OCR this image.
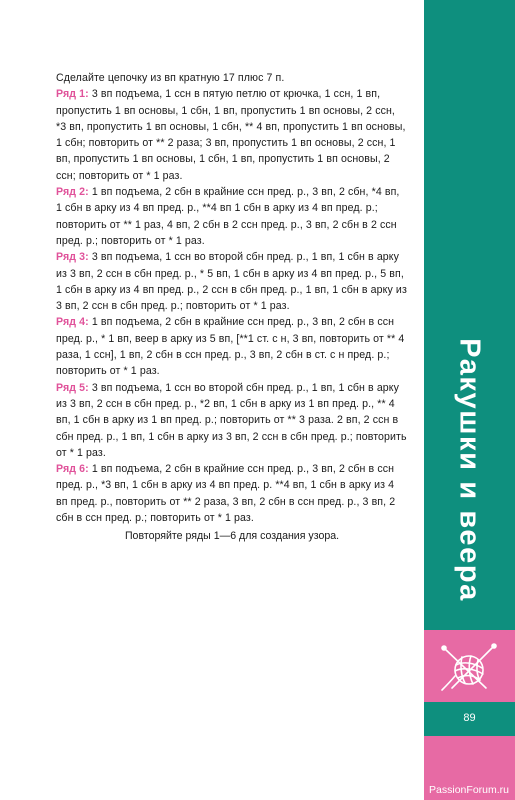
Сделайте цепочку из вп кратную 17 плюс 7 п.

Ряд 1: 3 вп подъема, 1 ссн в пятую петлю от крючка, 1 ссн, 1 вп, пропустить 1 вп основы, 1 сбн, 1 вп, пропустить 1 вп основы, 2 ссн, *3 вп, пропустить 1 вп основы, 1 сбн, ** 4 вп, пропустить 1 вп основы, 1 сбн; повторить от ** 2 раза; 3 вп, пропустить 1 вп основы, 2 ссн, 1 вп, пропустить 1 вп основы, 1 сбн, 1 вп, пропустить 1 вп основы, 2 ссн; повторить от * 1 раз.

Ряд 2: 1 вп подъема, 2 сбн в крайние ссн пред. р., 3 вп, 2 сбн, *4 вп, 1 сбн в арку из 4 вп пред. р., **4 вп 1 сбн в арку из 4 вп пред. р.; повторить от ** 1 раз, 4 вп, 2 сбн в 2 ссн пред. р., 3 вп, 2 сбн в 2 ссн пред. р.; повторить от * 1 раз.

Ряд 3: 3 вп подъема, 1 ссн во второй сбн пред. р., 1 вп, 1 сбн в арку из 3 вп, 2 ссн в сбн пред. р., * 5 вп, 1 сбн в арку из 4 вп пред. р., 5 вп, 1 сбн в арку из 4 вп пред. р., 2 ссн в сбн пред. р., 1 вп, 1 сбн в арку из 3 вп, 2 ссн в сбн пред. р.; повторить от * 1 раз.

Ряд 4: 1 вп подъема, 2 сбн в крайние ссн пред. р., 3 вп, 2 сбн в ссн пред. р., * 1 вп, веер в арку из 5 вп, [**1 ст. с н, 3 вп, повторить от ** 4 раза, 1 ссн], 1 вп, 2 сбн в ссн пред. р., 3 вп, 2 сбн в ст. с н пред. р.; повторить от * 1 раз.

Ряд 5: 3 вп подъема, 1 ссн во второй сбн пред. р., 1 вп, 1 сбн в арку из 3 вп, 2 ссн в сбн пред. р., *2 вп, 1 сбн в арку из 1 вп пред. р., ** 4 вп, 1 сбн в арку из 1 вп пред. р.; повторить от ** 3 раза. 2 вп, 2 ссн в сбн пред. р., 1 вп, 1 сбн в арку из 3 вп, 2 ссн в сбн пред. р.; повторить от * 1 раз.

Ряд 6: 1 вп подъема, 2 сбн в крайние ссн пред. р., 3 вп, 2 сбн в ссн пред. р., *3 вп, 1 сбн в арку из 4 вп пред. р. **4 вп, 1 сбн в арку из 4 вп пред. р., повторить от ** 2 раза, 3 вп, 2 сбн в ссн пред. р., 3 вп, 2 сбн в ссн пред. р.; повторить от * 1 раз.

Повторяйте ряды 1—6 для создания узора.	Ракушки и веера
89
PassionForum.ru
